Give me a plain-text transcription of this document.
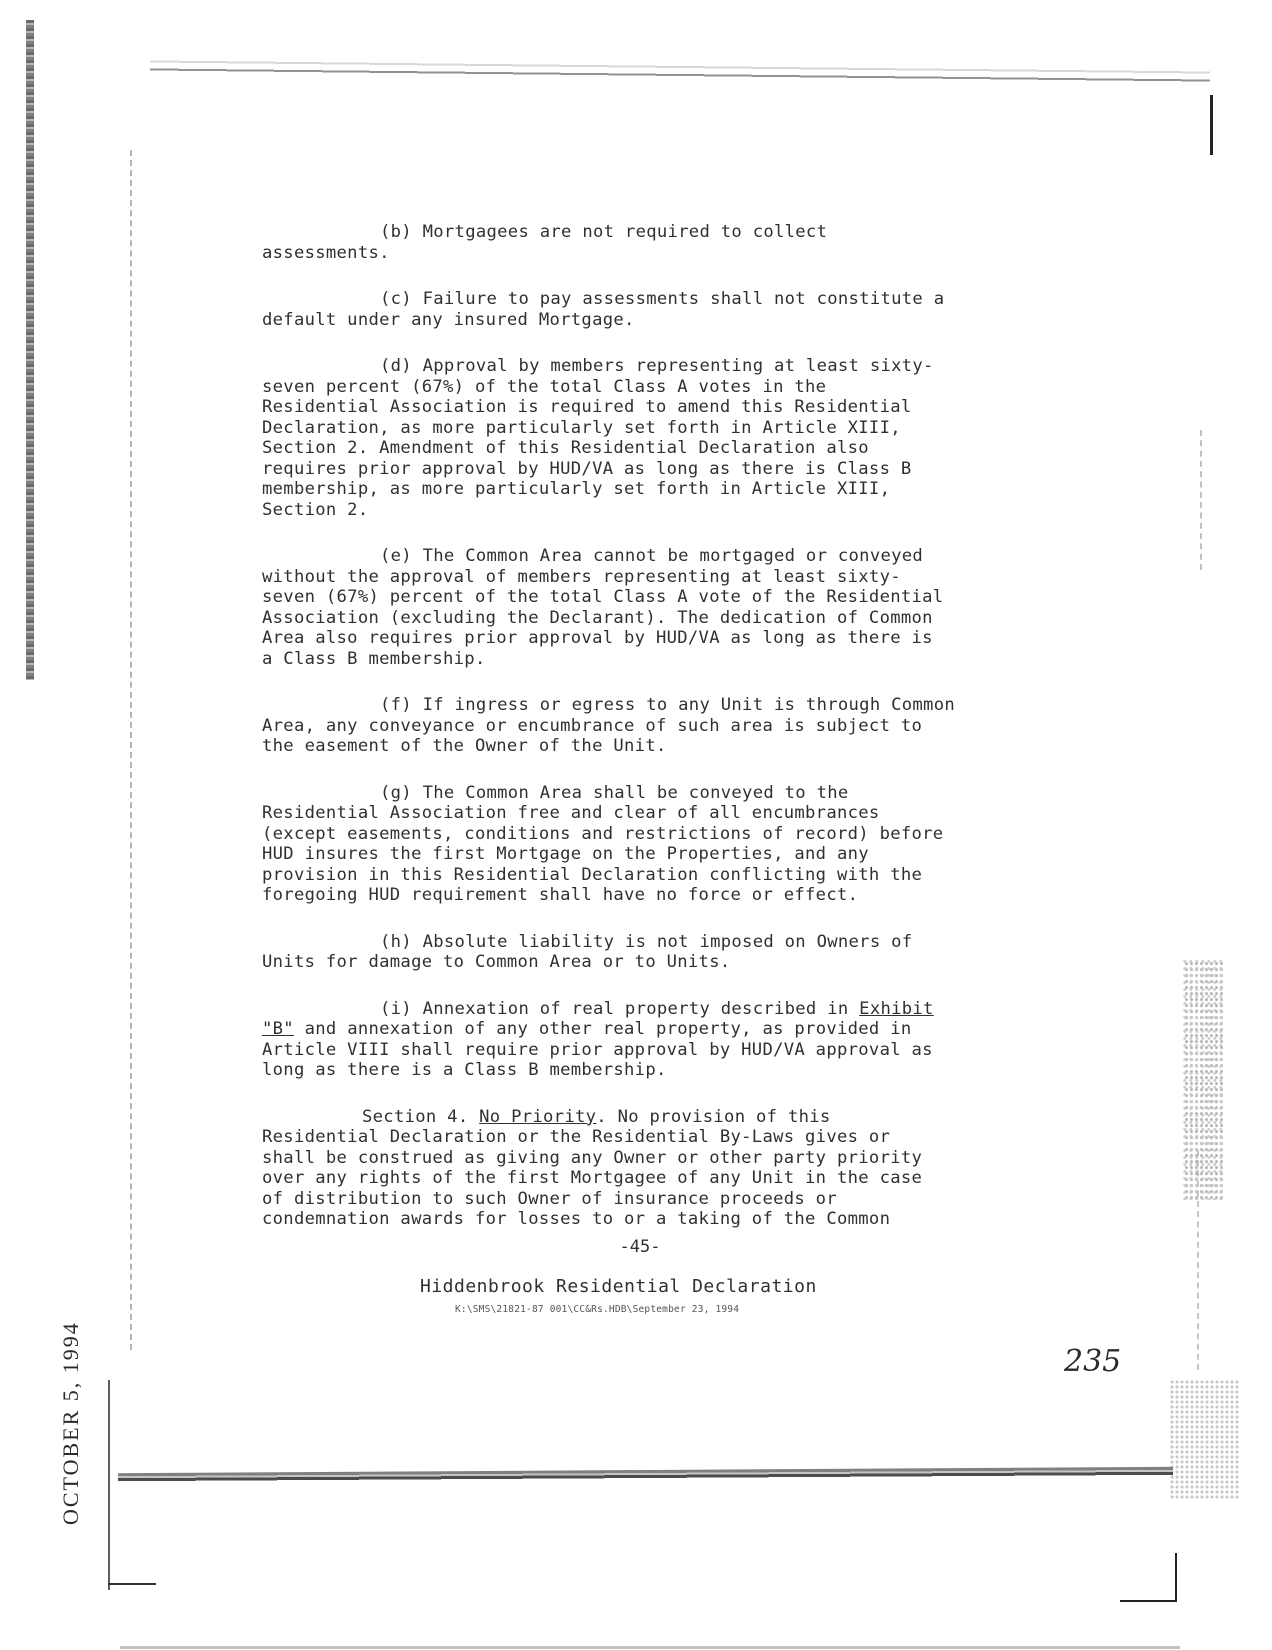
OCTOBER 5, 1994

(b) Mortgagees are not required to collect
assessments.

(c) Failure to pay assessments shall not constitute a
default under any insured Mortgage.

(d) Approval by members representing at least sixty-
seven percent (67%) of the total Class A votes in the
Residential Association is required to amend this Residential
Declaration, as more particularly set forth in Article XIII,
Section 2. Amendment of this Residential Declaration also
requires prior approval by HUD/VA as long as there is Class B
membership, as more particularly set forth in Article XIII,
Section 2.

(e) The Common Area cannot be mortgaged or conveyed
without the approval of members representing at least sixty-
seven (67%) percent of the total Class A vote of the Residential
Association (excluding the Declarant). The dedication of Common
Area also requires prior approval by HUD/VA as long as there is
a Class B membership.

(f) If ingress or egress to any Unit is through Common
Area, any conveyance or encumbrance of such area is subject to
the easement of the Owner of the Unit.

(g) The Common Area shall be conveyed to the
Residential Association free and clear of all encumbrances
(except easements, conditions and restrictions of record) before
HUD insures the first Mortgage on the Properties, and any
provision in this Residential Declaration conflicting with the
foregoing HUD requirement shall have no force or effect.

(h) Absolute liability is not imposed on Owners of
Units for damage to Common Area or to Units.

(i) Annexation of real property described in Exhibit
"B" and annexation of any other real property, as provided in
Article VIII shall require prior approval by HUD/VA approval as
long as there is a Class B membership.

Section 4. No Priority. No provision of this
Residential Declaration or the Residential By-Laws gives or
shall be construed as giving any Owner or other party priority
over any rights of the first Mortgagee of any Unit in the case
of distribution to such Owner of insurance proceeds or
condemnation awards for losses to or a taking of the Common

-45-
Hiddenbrook Residential Declaration
K:\SMS\21821-87 001\CC&Rs.HDB\September 23, 1994
235
